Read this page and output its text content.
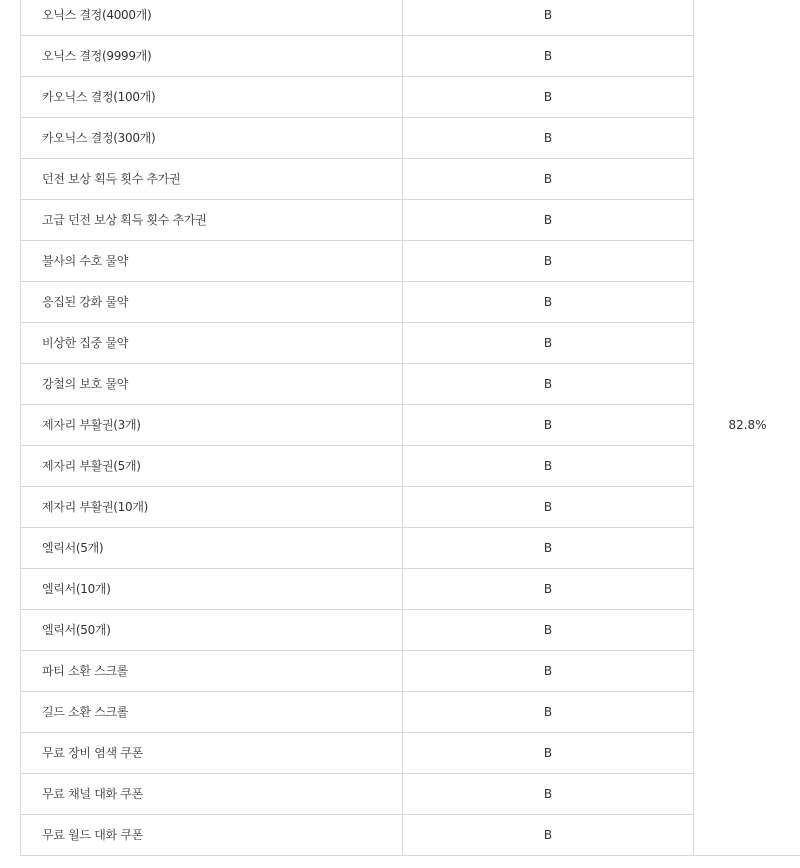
오닉스 결정(4000개)	B	82.8%
오닉스 결정(9999개)	B	
카오닉스 결정(100개)	B	
카오닉스 결정(300개)	B	
던전 보상 획득 횟수 추가권	B	
고급 던전 보상 획득 횟수 추가권	B	
불사의 수호 물약	B	
응집된 강화 물약	B	
비상한 집중 물약	B	
강철의 보호 물약	B	
제자리 부활권(3개)	B	
제자리 부활권(5개)	B	
제자리 부활권(10개)	B	
엘릭서(5개)	B	
엘릭서(10개)	B	
엘릭서(50개)	B	
파티 소환 스크롤	B	
길드 소환 스크롤	B	
무료 장비 염색 쿠폰	B	
무료 채널 대화 쿠폰	B	
무료 월드 대화 쿠폰	B	
